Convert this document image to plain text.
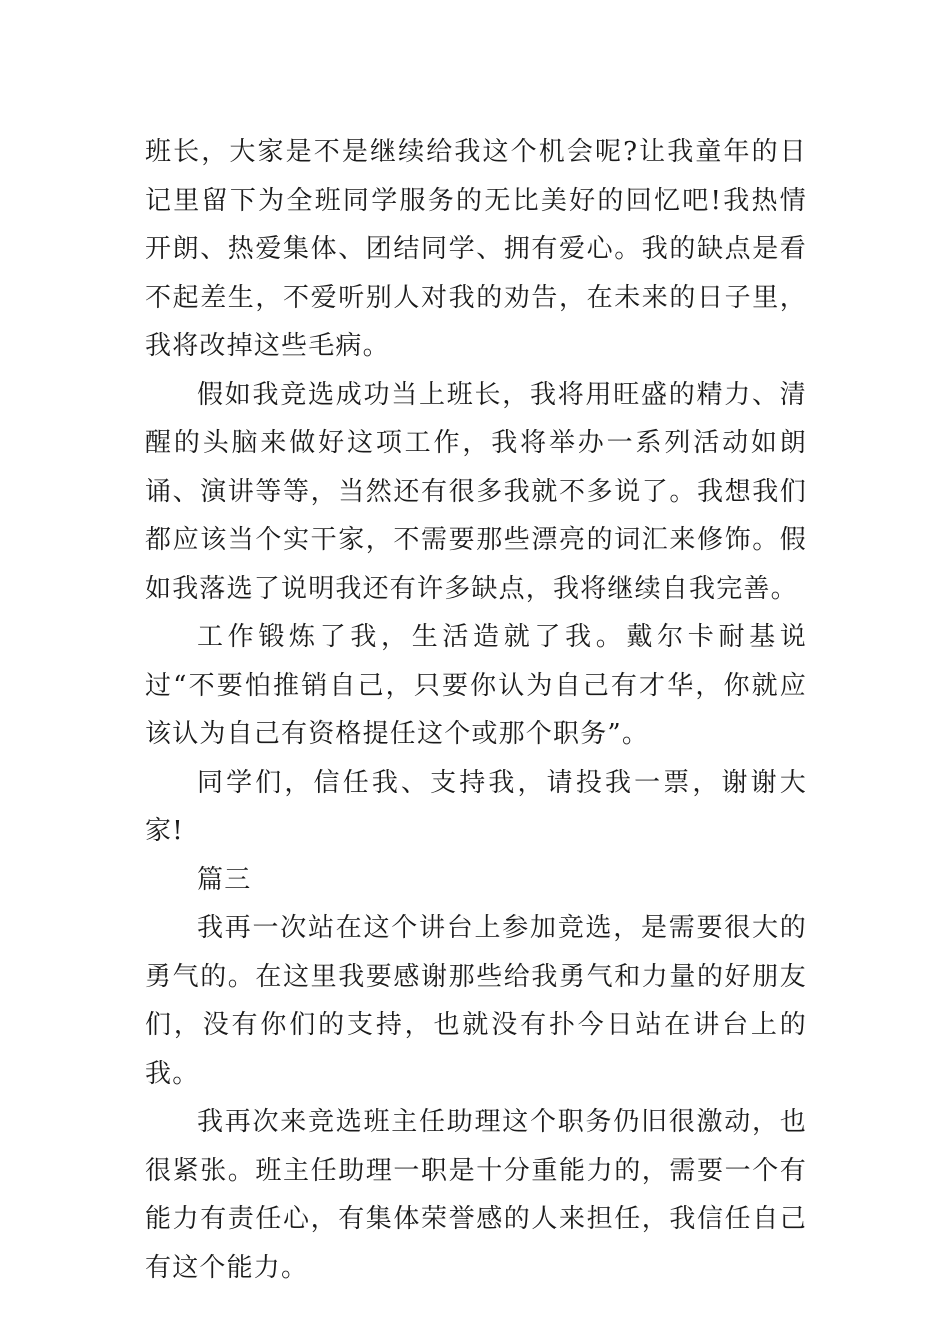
班长，大家是不是继续给我这个机会呢?让我童年的日记里留下为全班同学服务的无比美好的回忆吧!我热情开朗、热爱集体、团结同学、拥有爱心。我的缺点是看不起差生，不爱听别人对我的劝告，在未来的日子里，我将改掉这些毛病。

假如我竞选成功当上班长，我将用旺盛的精力、清醒的头脑来做好这项工作，我将举办一系列活动如朗诵、演讲等等，当然还有很多我就不多说了。我想我们都应该当个实干家，不需要那些漂亮的词汇来修饰。假如我落选了说明我还有许多缺点，我将继续自我完善。

工作锻炼了我，生活造就了我。戴尔卡耐基说过“不要怕推销自己，只要你认为自己有才华，你就应该认为自己有资格提任这个或那个职务”。

同学们，信任我、支持我，请投我一票，谢谢大家!

篇三

我再一次站在这个讲台上参加竞选，是需要很大的勇气的。在这里我要感谢那些给我勇气和力量的好朋友们，没有你们的支持，也就没有扑今日站在讲台上的我。

我再次来竞选班主任助理这个职务仍旧很激动，也很紧张。班主任助理一职是十分重能力的，需要一个有能力有责任心，有集体荣誉感的人来担任，我信任自己有这个能力。
